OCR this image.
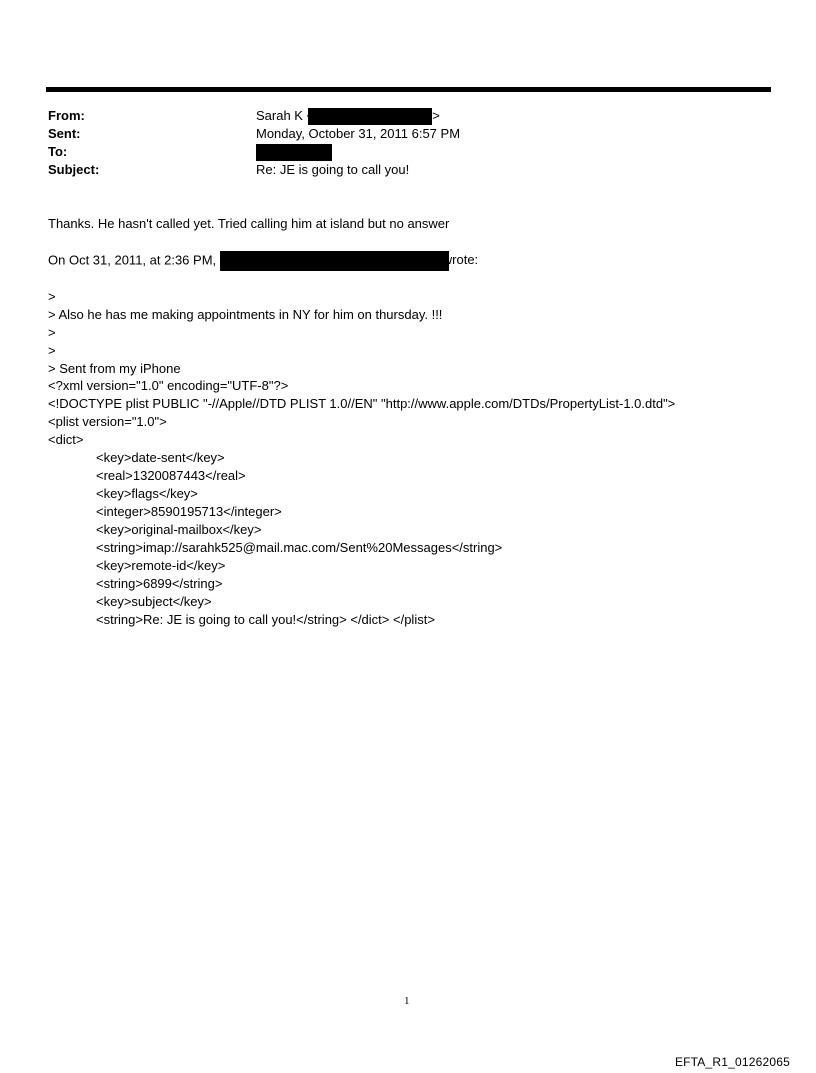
From:	Sarah K	>
Sent:	Monday, October 31, 2011 6:57 PM
To:
Subject:	Re: JE is going to call you!
Thanks. He hasn't called yet. Tried calling him at island but no answer
On Oct 31, 2011, at 2:36 PM,	wrote:
>
> Also he has me making appointments in NY for him on thursday. !!!
>
>
> Sent from my iPhone
<?xml version="1.0" encoding="UTF-8"?>
<!DOCTYPE plist PUBLIC "-//Apple//DTD PLIST 1.0//EN" "http://www.apple.com/DTDs/PropertyList-1.0.dtd">
<plist version="1.0">
<dict>
<key>date-sent</key>
<real>1320087443</real>
<key>flags</key>
<integer>8590195713</integer>
<key>original-mailbox</key>
<string>imap://sarahk525@mail.mac.com/Sent%20Messages</string>
<key>remote-id</key>
<string>6899</string>
<key>subject</key>
<string>Re: JE is going to call you!</string> </dict> </plist>
1
EFTA_R1_01262065
